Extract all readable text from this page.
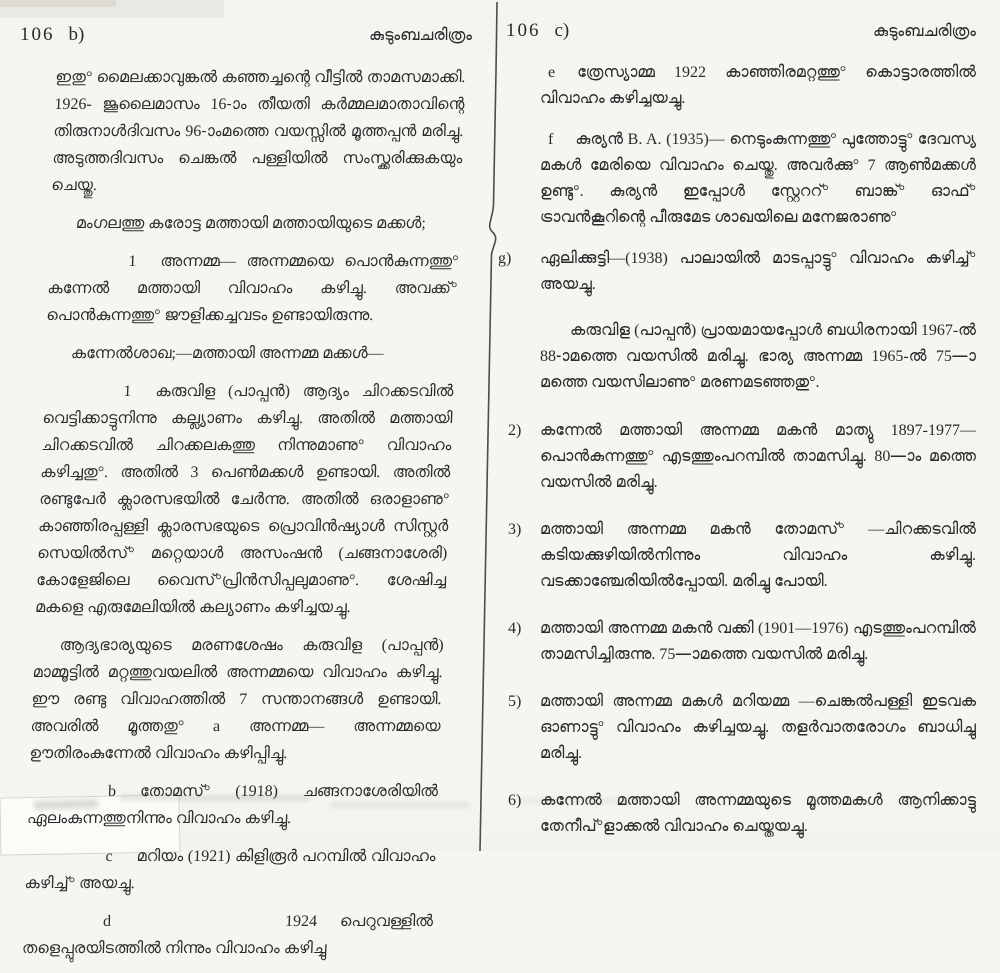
106 b)	കുടുംബചരിത്രം

ഇതു° മൈലക്കാവുങ്കൽ കഞ്ഞച്ചന്റെ വീട്ടിൽ താമസമാക്കി. 1926- ജൂലൈമാസം 16-ാം തീയതി കർമ്മലമാതാവിന്റെ തിരുനാൾദിവസം 96-ാംമത്തെ വയസ്സിൽ മൂത്തപ്പൻ മരിച്ചു. അടുത്തദിവസം ചെങ്കൽ പള്ളിയിൽ സംസ്ക്കരിക്കുകയും ചെയ്തു.

മംഗലത്തു കരോട്ട മത്തായി മത്തായിയുടെ മക്കൾ;

1 അന്നമ്മ— അന്നമ്മയെ പൊൻകുന്നത്തു° കന്നേൽ മത്തായി വിവാഹം കഴിച്ചു. അവക്ക്° പൊൻകുന്നത്തു° ജൗളിക്കച്ചവടം ഉണ്ടായിരുന്നു.

കന്നേൽശാഖ;—മത്തായി അന്നമ്മ മക്കൾ—

1 കരുവിള (പാപ്പൻ) ആദ്യം ചിറക്കടവിൽ വെട്ടിക്കാട്ടുനിന്നു കല്ല്യാണം കഴിച്ചു. അതിൽ മത്തായി ചിറക്കടവിൽ ചിറക്കലകത്തു നിന്നുമാണു° വിവാഹം കഴിച്ചതു°. അതിൽ 3 പെൺമക്കൾ ഉണ്ടായി. അതിൽ രണ്ടുപേർ ക്ലാരസഭയിൽ ചേർന്നു. അതിൽ ഒരാളാണു° കാഞ്ഞിരപ്പള്ളി ക്ലാരസഭയുടെ പ്രൊവിൻഷ്യാൾ സിസ്റ്റർ സെയിൽസ്° മറ്റെയാൾ അസംഷൻ (ചങ്ങനാശേരി) കോളേജിലെ വൈസ്°പ്രിൻസിപ്പലുമാണു°. ശേഷിച്ച മകളെ എരുമേലിയിൽ കല്യാണം കഴിച്ചയച്ചു.

ആദ്യഭാര്യയുടെ മരണശേഷം കരുവിള (പാപ്പൻ) മാമ്മൂട്ടിൽ മറ്റത്തുവയലിൽ അന്നമ്മയെ വിവാഹം കഴിച്ചു. ഈ രണ്ടു വിവാഹത്തിൽ 7 സന്താനങ്ങൾ ഉണ്ടായി. അവരിൽ മൂത്തതു° a അന്നമ്മ— അന്നമ്മയെ ഊതിരംകുന്നേൽ വിവാഹം കഴിപ്പിച്ചു.

b തോമസ്° (1918) ചങ്ങനാശേരിയിൽ ഏലംകുന്നത്തുനിന്നും വിവാഹം കഴിച്ചു.

c മറിയം (1921) കിളിരൂർ പറമ്പിൽ വിവാഹം കഴിച്ച്° അയച്ചു.

d	1924 പെറുവള്ളിൽ തളെപ്പുരയിടത്തിൽ നിന്നും വിവാഹം കഴിച്ചു

106 c)	കുടുംബചരിത്രം

e ത്രേസ്യാമ്മ 1922 കാഞ്ഞിരമറ്റത്തു° കൊട്ടാരത്തിൽ വിവാഹം കഴിച്ചയച്ചു.

f കുര്യൻ B. A. (1935)— നെടുംകുന്നത്തു° പുത്തോട്ടു° ദേവസ്യ മകൾ മേരിയെ വിവാഹം ചെയ്തു. അവർക്കു° 7 ആൺമക്കൾ ഉണ്ടു°. കുര്യൻ ഇപ്പോൾ സ്റ്റേററ്° ബാങ്ക്° ഓഫ്° ട്രാവൻകൂറിന്റെ പീരുമേട ശാഖയിലെ മനേജരാണു°

g) ഏലിക്കുട്ടി—(1938) പാലായിൽ മാടപ്പാട്ടു° വിവാഹം കഴിച്ച്° അയച്ചു.

കരുവിള (പാപ്പൻ) പ്രായമായപ്പോൾ ബധിരനായി 1967-ൽ 88-ാമത്തെ വയസിൽ മരിച്ചു. ഭാര്യ അന്നമ്മ 1965-ൽ 75—ാമത്തെ വയസിലാണു° മരണമടഞ്ഞതു°.

2) കന്നേൽ മത്തായി അന്നമ്മ മകൻ മാത്യു 1897-1977— പൊൻകുന്നത്തു° എടത്തുംപറമ്പിൽ താമസിച്ചു. 80—ാം മത്തെ വയസിൽ മരിച്ചു.

3) മത്തായി അന്നമ്മ മകൻ തോമസ്° —ചിറക്കടവിൽ കടിയക്കുഴിയിൽനിന്നും വിവാഹം കഴിച്ചു. വടക്കാഞ്ചേരിയിൽപ്പോയി. മരിച്ചു പോയി.

4) മത്തായി അന്നമ്മ മകൻ വക്കി (1901—1976) എടത്തുംപറമ്പിൽ താമസിച്ചിരുന്നു. 75—ാമത്തെ വയസിൽ മരിച്ചു.

5) മത്തായി അന്നമ്മ മകൾ മറിയമ്മ —ചെങ്കൽപള്ളി ഇടവക ഓണാട്ടു° വിവാഹം കഴിച്ചയച്ചു. തളർവാതരോഗം ബാധിച്ചു മരിച്ചു.

6) കന്നേൽ മത്തായി അന്നമ്മയുടെ മൂത്തമകൾ ആനിക്കാട്ടു തേനീപ്°ളാക്കൽ വിവാഹം ചെയ്തയച്ചു.
